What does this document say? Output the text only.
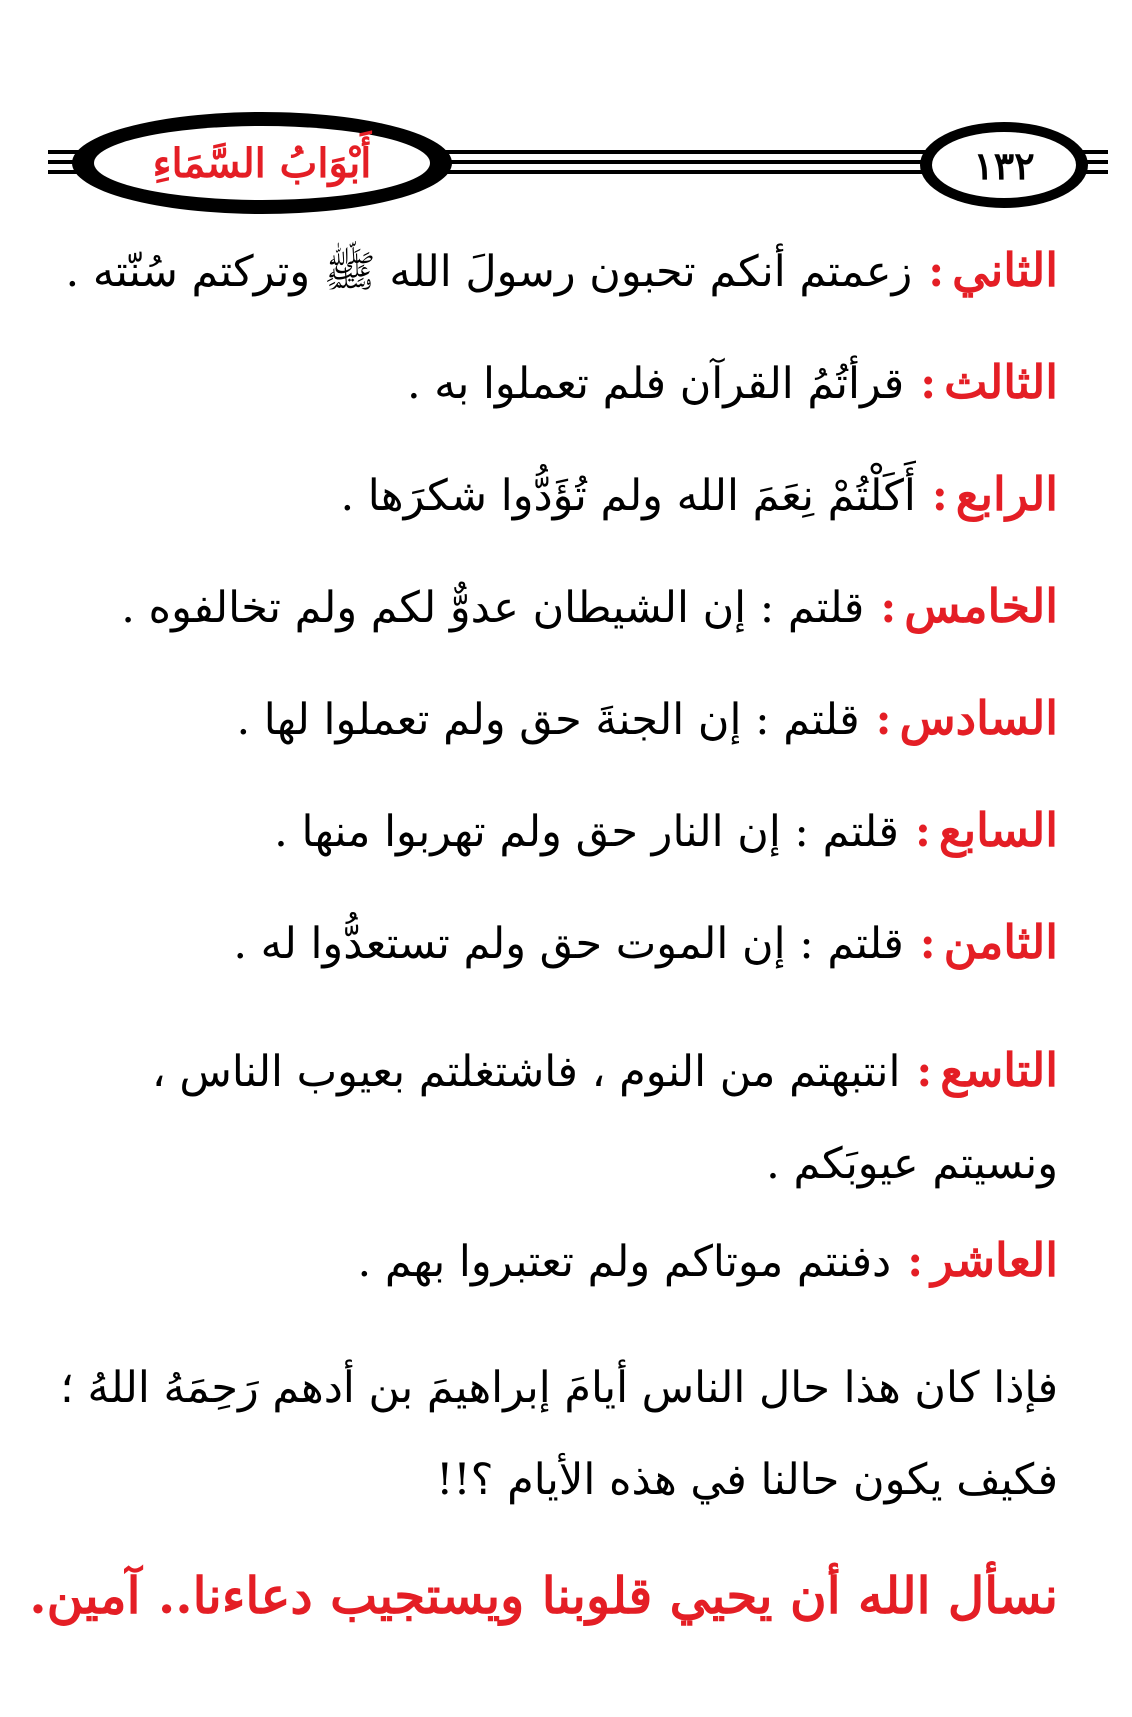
أَبْوَابُ السَّمَاءِ	١٣٢
الثاني:زعمتم أنكم تحبون رسولَ الله ﷺ وتركتم سُنّته .
الثالث:قرأتُمُ القرآن فلم تعملوا به .
الرابع:أَكَلْتُمْ نِعَمَ الله ولم تُؤَدُّوا شكرَها .
الخامس:قلتم : إن الشيطان عدوٌّ لكم ولم تخالفوه .
السادس:قلتم : إن الجنةَ حق ولم تعملوا لها .
السابع:قلتم : إن النار حق ولم تهربوا منها .
الثامن:قلتم : إن الموت حق ولم تستعدُّوا له .
التاسع:انتبهتم من النوم ، فاشتغلتم بعيوب الناس ، ونسيتم عيوبَكم .
العاشر:دفنتم موتاكم ولم تعتبروا بهم .
فإذا كان هذا حال الناس أيامَ إبراهيمَ بن أدهم رَحِمَهُ اللهُ ؛ فكيف يكون حالنا في هذه الأيام ؟!!
نسأل الله أن يحيي قلوبنا ويستجيب دعاءنا.. آمين.
